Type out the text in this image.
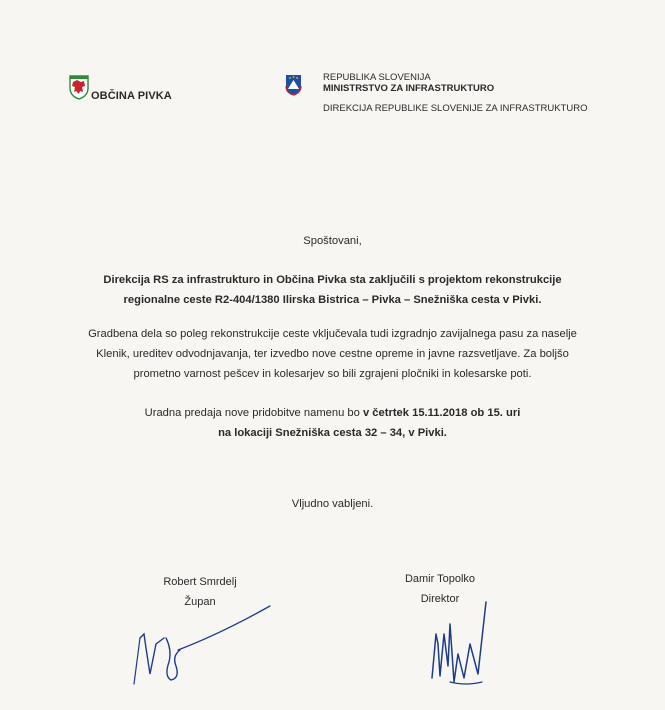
OBČINA PIVKA
REPUBLIKA SLOVENIJA
MINISTRSTVO ZA INFRASTRUKTURO
DIREKCIJA REPUBLIKE SLOVENIJE ZA INFRASTRUKTURO
Spoštovani,
Direkcija RS za infrastrukturo in Občina Pivka sta zaključili s projektom rekonstrukcije
regionalne ceste R2-404/1380 Ilirska Bistrica – Pivka – Snežniška cesta v Pivki.
Gradbena dela so poleg rekonstrukcije ceste vključevala tudi izgradnjo zavijalnega pasu za naselje
Klenik, ureditev odvodnjavanja, ter izvedbo nove cestne opreme in javne razsvetljave. Za boljšo
prometno varnost pešcev in kolesarjev so bili zgrajeni pločniki in kolesarske poti.
Uradna predaja nove pridobitve namenu bo v četrtek 15.11.2018 ob 15. uri
na lokaciji Snežniška cesta 32 – 34, v Pivki.
Vljudno vabljeni.
Robert Smrdelj
Župan
Damir Topolko
Direktor
